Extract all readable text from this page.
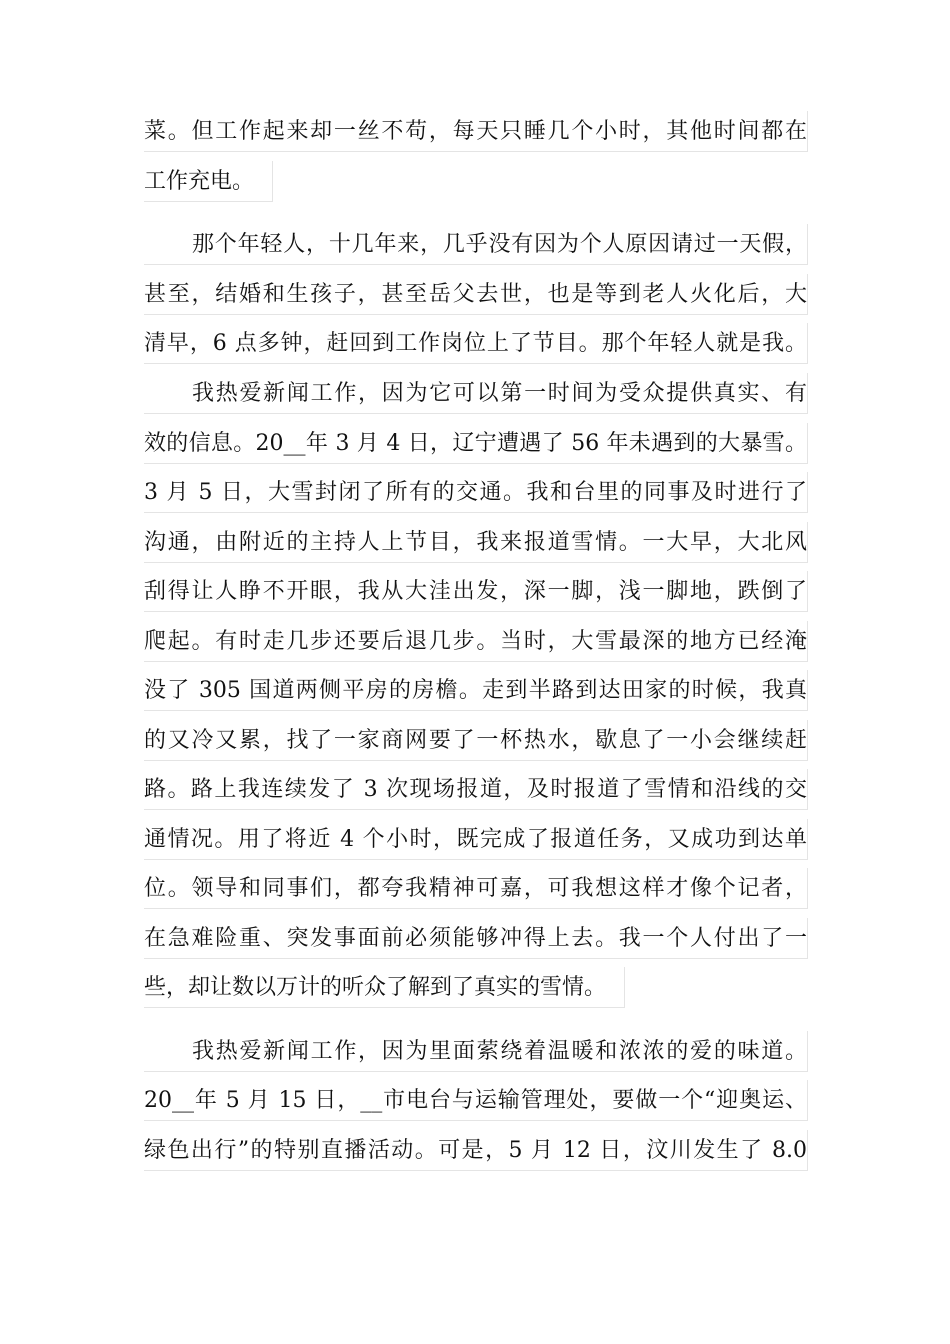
菜。但工作起来却一丝不苟，每天只睡几个小时，其他时间都在
工作充电。
那个年轻人，十几年来，几乎没有因为个人原因请过一天假，
甚至，结婚和生孩子，甚至岳父去世，也是等到老人火化后，大
清早，6 点多钟，赶回到工作岗位上了节目。那个年轻人就是我。
我热爱新闻工作，因为它可以第一时间为受众提供真实、有
效的信息。20__年 3 月 4 日，辽宁遭遇了 56 年未遇到的大暴雪。
3 月 5 日，大雪封闭了所有的交通。我和台里的同事及时进行了
沟通，由附近的主持人上节目，我来报道雪情。一大早，大北风
刮得让人睁不开眼，我从大洼出发，深一脚，浅一脚地，跌倒了
爬起。有时走几步还要后退几步。当时，大雪最深的地方已经淹
没了 305 国道两侧平房的房檐。走到半路到达田家的时候，我真
的又冷又累，找了一家商网要了一杯热水，歇息了一小会继续赶
路。路上我连续发了 3 次现场报道，及时报道了雪情和沿线的交
通情况。用了将近 4 个小时，既完成了报道任务，又成功到达单
位。领导和同事们，都夸我精神可嘉，可我想这样才像个记者，
在急难险重、突发事面前必须能够冲得上去。我一个人付出了一
些，却让数以万计的听众了解到了真实的雪情。
我热爱新闻工作，因为里面萦绕着温暖和浓浓的爱的味道。
20__年 5 月 15 日，__市电台与运输管理处，要做一个“迎奥运、
绿色出行”的特别直播活动。可是，5 月 12 日，汶川发生了 8.0
